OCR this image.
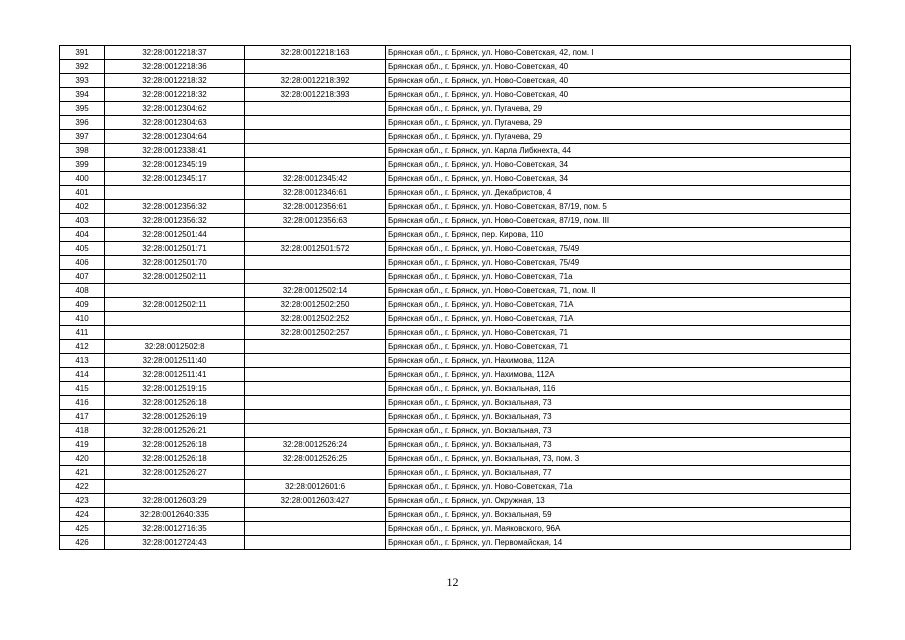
391	32:28:0012218:37	32:28:0012218:163	Брянская обл., г. Брянск, ул. Ново-Советская, 42, пом. I
392	32:28:0012218:36		Брянская обл., г. Брянск, ул. Ново-Советская, 40
393	32:28:0012218:32	32:28:0012218:392	Брянская обл., г. Брянск, ул. Ново-Советская, 40
394	32:28:0012218:32	32:28:0012218:393	Брянская обл., г. Брянск, ул. Ново-Советская, 40
395	32:28:0012304:62		Брянская обл., г. Брянск, ул. Пугачева, 29
396	32:28:0012304:63		Брянская обл., г. Брянск, ул. Пугачева, 29
397	32:28:0012304:64		Брянская обл., г. Брянск, ул. Пугачева, 29
398	32:28:0012338:41		Брянская обл., г. Брянск, ул. Карла Либкнехта, 44
399	32:28:0012345:19		Брянская обл., г. Брянск, ул. Ново-Советская, 34
400	32:28:0012345:17	32:28:0012345:42	Брянская обл., г. Брянск, ул. Ново-Советская, 34
401		32:28:0012346:61	Брянская обл., г. Брянск, ул. Декабристов, 4
402	32:28:0012356:32	32:28:0012356:61	Брянская обл., г. Брянск, ул. Ново-Советская, 87/19, пом. 5
403	32:28:0012356:32	32:28:0012356:63	Брянская обл., г. Брянск, ул. Ново-Советская, 87/19, пом. III
404	32:28:0012501:44		Брянская обл., г. Брянск, пер. Кирова, 110
405	32:28:0012501:71	32:28:0012501:572	Брянская обл., г. Брянск, ул. Ново-Советская, 75/49
406	32:28:0012501:70		Брянская обл., г. Брянск, ул. Ново-Советская, 75/49
407	32:28:0012502:11		Брянская обл., г. Брянск, ул. Ново-Советская, 71а
408		32:28:0012502:14	Брянская обл., г. Брянск, ул. Ново-Советская, 71, пом. II
409	32:28:0012502:11	32:28:0012502:250	Брянская обл., г. Брянск, ул. Ново-Советская, 71А
410		32:28:0012502:252	Брянская обл., г. Брянск, ул. Ново-Советская, 71А
411		32:28:0012502:257	Брянская обл., г. Брянск, ул. Ново-Советская, 71
412	32:28:0012502:8		Брянская обл., г. Брянск, ул. Ново-Советская, 71
413	32:28:0012511:40		Брянская обл., г. Брянск, ул. Нахимова, 112А
414	32:28:0012511:41		Брянская обл., г. Брянск, ул. Нахимова, 112А
415	32:28:0012519:15		Брянская обл., г. Брянск, ул. Вокзальная, 116
416	32:28:0012526:18		Брянская обл., г. Брянск, ул. Вокзальная, 73
417	32:28:0012526:19		Брянская обл., г. Брянск, ул. Вокзальная, 73
418	32:28:0012526:21		Брянская обл., г. Брянск, ул. Вокзальная, 73
419	32:28:0012526:18	32:28:0012526:24	Брянская обл., г. Брянск, ул. Вокзальная, 73
420	32:28:0012526:18	32:28:0012526:25	Брянская обл., г. Брянск, ул. Вокзальная, 73, пом. 3
421	32:28:0012526:27		Брянская обл., г. Брянск, ул. Вокзальная, 77
422		32:28:0012601:6	Брянская обл., г. Брянск, ул. Ново-Советская, 71а
423	32:28:0012603:29	32:28:0012603:427	Брянская обл., г. Брянск, ул. Окружная, 13
424	32:28:0012640:335		Брянская обл., г. Брянск, ул. Вокзальная, 59
425	32:28:0012716:35		Брянская обл., г. Брянск, ул. Маяковского, 96А
426	32:28:0012724:43		Брянская обл., г. Брянск, ул. Первомайская, 14
12
